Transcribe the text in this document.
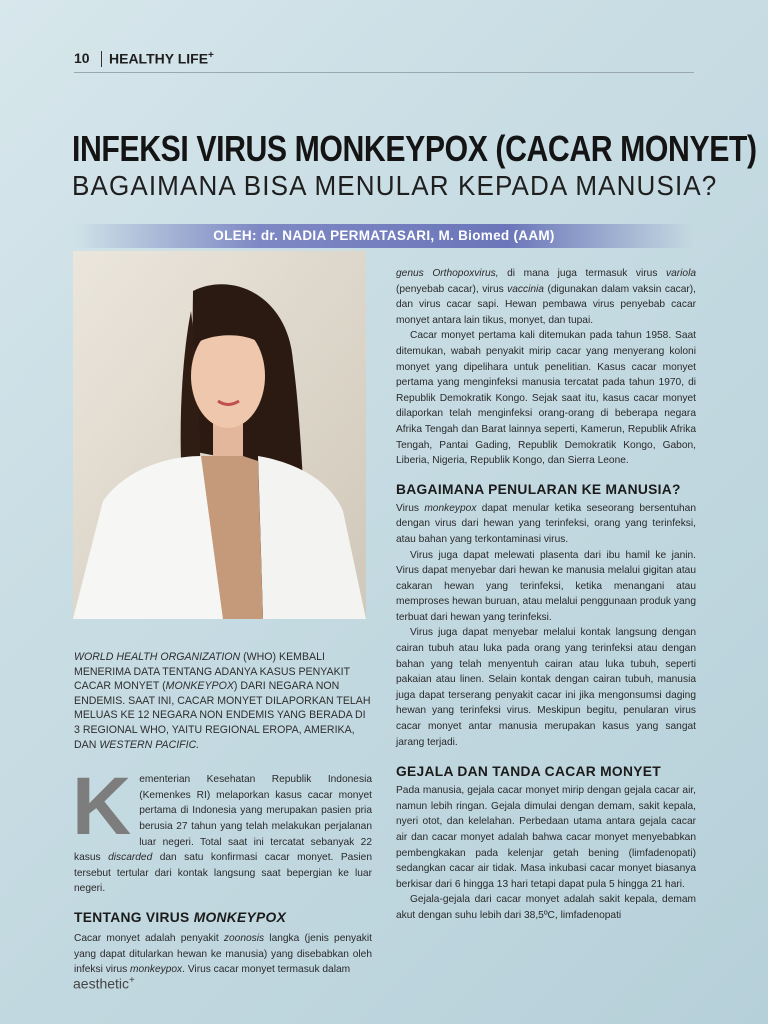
10 HEALTHY LIFE+
INFEKSI VIRUS MONKEYPOX (CACAR MONYET)
BAGAIMANA BISA MENULAR KEPADA MANUSIA?
OLEH: dr. NADIA PERMATASARI, M. Biomed (AAM)
WORLD HEALTH ORGANIZATION (WHO) KEMBALI MENERIMA DATA TENTANG ADANYA KASUS PENYAKIT CACAR MONYET (MONKEYPOX) DARI NEGARA NON ENDEMIS. SAAT INI, CACAR MONYET DILAPORKAN TELAH MELUAS KE 12 NEGARA NON ENDEMIS YANG BERADA DI 3 REGIONAL WHO, YAITU REGIONAL EROPA, AMERIKA, DAN WESTERN PACIFIC.

Kementerian Kesehatan Republik Indonesia (Kemenkes RI) melaporkan kasus cacar monyet pertama di Indonesia yang merupakan pasien pria berusia 27 tahun yang telah melakukan perjalanan luar negeri. Total saat ini tercatat sebanyak 22 kasus discarded dan satu konfirmasi cacar monyet. Pasien tersebut tertular dari kontak langsung saat bepergian ke luar negeri.

TENTANG VIRUS MONKEYPOX

Cacar monyet adalah penyakit zoonosis langka (jenis penyakit yang dapat ditularkan hewan ke manusia) yang disebabkan oleh infeksi virus monkeypox. Virus cacar monyet termasuk dalam

genus Orthopoxvirus, di mana juga termasuk virus variola (penyebab cacar), virus vaccinia (digunakan dalam vaksin cacar), dan virus cacar sapi. Hewan pembawa virus penyebab cacar monyet antara lain tikus, monyet, dan tupai.

Cacar monyet pertama kali ditemukan pada tahun 1958. Saat ditemukan, wabah penyakit mirip cacar yang menyerang koloni monyet yang dipelihara untuk penelitian. Kasus cacar monyet pertama yang menginfeksi manusia tercatat pada tahun 1970, di Republik Demokratik Kongo. Sejak saat itu, kasus cacar monyet dilaporkan telah menginfeksi orang-orang di beberapa negara Afrika Tengah dan Barat lainnya seperti, Kamerun, Republik Afrika Tengah, Pantai Gading, Republik Demokratik Kongo, Gabon, Liberia, Nigeria, Republik Kongo, dan Sierra Leone.

BAGAIMANA PENULARAN KE MANUSIA?

Virus monkeypox dapat menular ketika seseorang bersentuhan dengan virus dari hewan yang terinfeksi, orang yang terinfeksi, atau bahan yang terkontaminasi virus.

Virus juga dapat melewati plasenta dari ibu hamil ke janin. Virus dapat menyebar dari hewan ke manusia melalui gigitan atau cakaran hewan yang terinfeksi, ketika menangani atau memproses hewan buruan, atau melalui penggunaan produk yang terbuat dari hewan yang terinfeksi.

Virus juga dapat menyebar melalui kontak langsung dengan cairan tubuh atau luka pada orang yang terinfeksi atau dengan bahan yang telah menyentuh cairan atau luka tubuh, seperti pakaian atau linen. Selain kontak dengan cairan tubuh, manusia juga dapat terserang penyakit cacar ini jika mengonsumsi daging hewan yang terinfeksi virus. Meskipun begitu, penularan virus cacar monyet antar manusia merupakan kasus yang sangat jarang terjadi.

GEJALA DAN TANDA CACAR MONYET

Pada manusia, gejala cacar monyet mirip dengan gejala cacar air, namun lebih ringan. Gejala dimulai dengan demam, sakit kepala, nyeri otot, dan kelelahan. Perbedaan utama antara gejala cacar air dan cacar monyet adalah bahwa cacar monyet menyebabkan pembengkakan pada kelenjar getah bening (limfadenopati) sedangkan cacar air tidak. Masa inkubasi cacar monyet biasanya berkisar dari 6 hingga 13 hari tetapi dapat pula 5 hingga 21 hari.

Gejala-gejala dari cacar monyet adalah sakit kepala, demam akut dengan suhu lebih dari 38,5ºC, limfadenopati

aesthetic+
